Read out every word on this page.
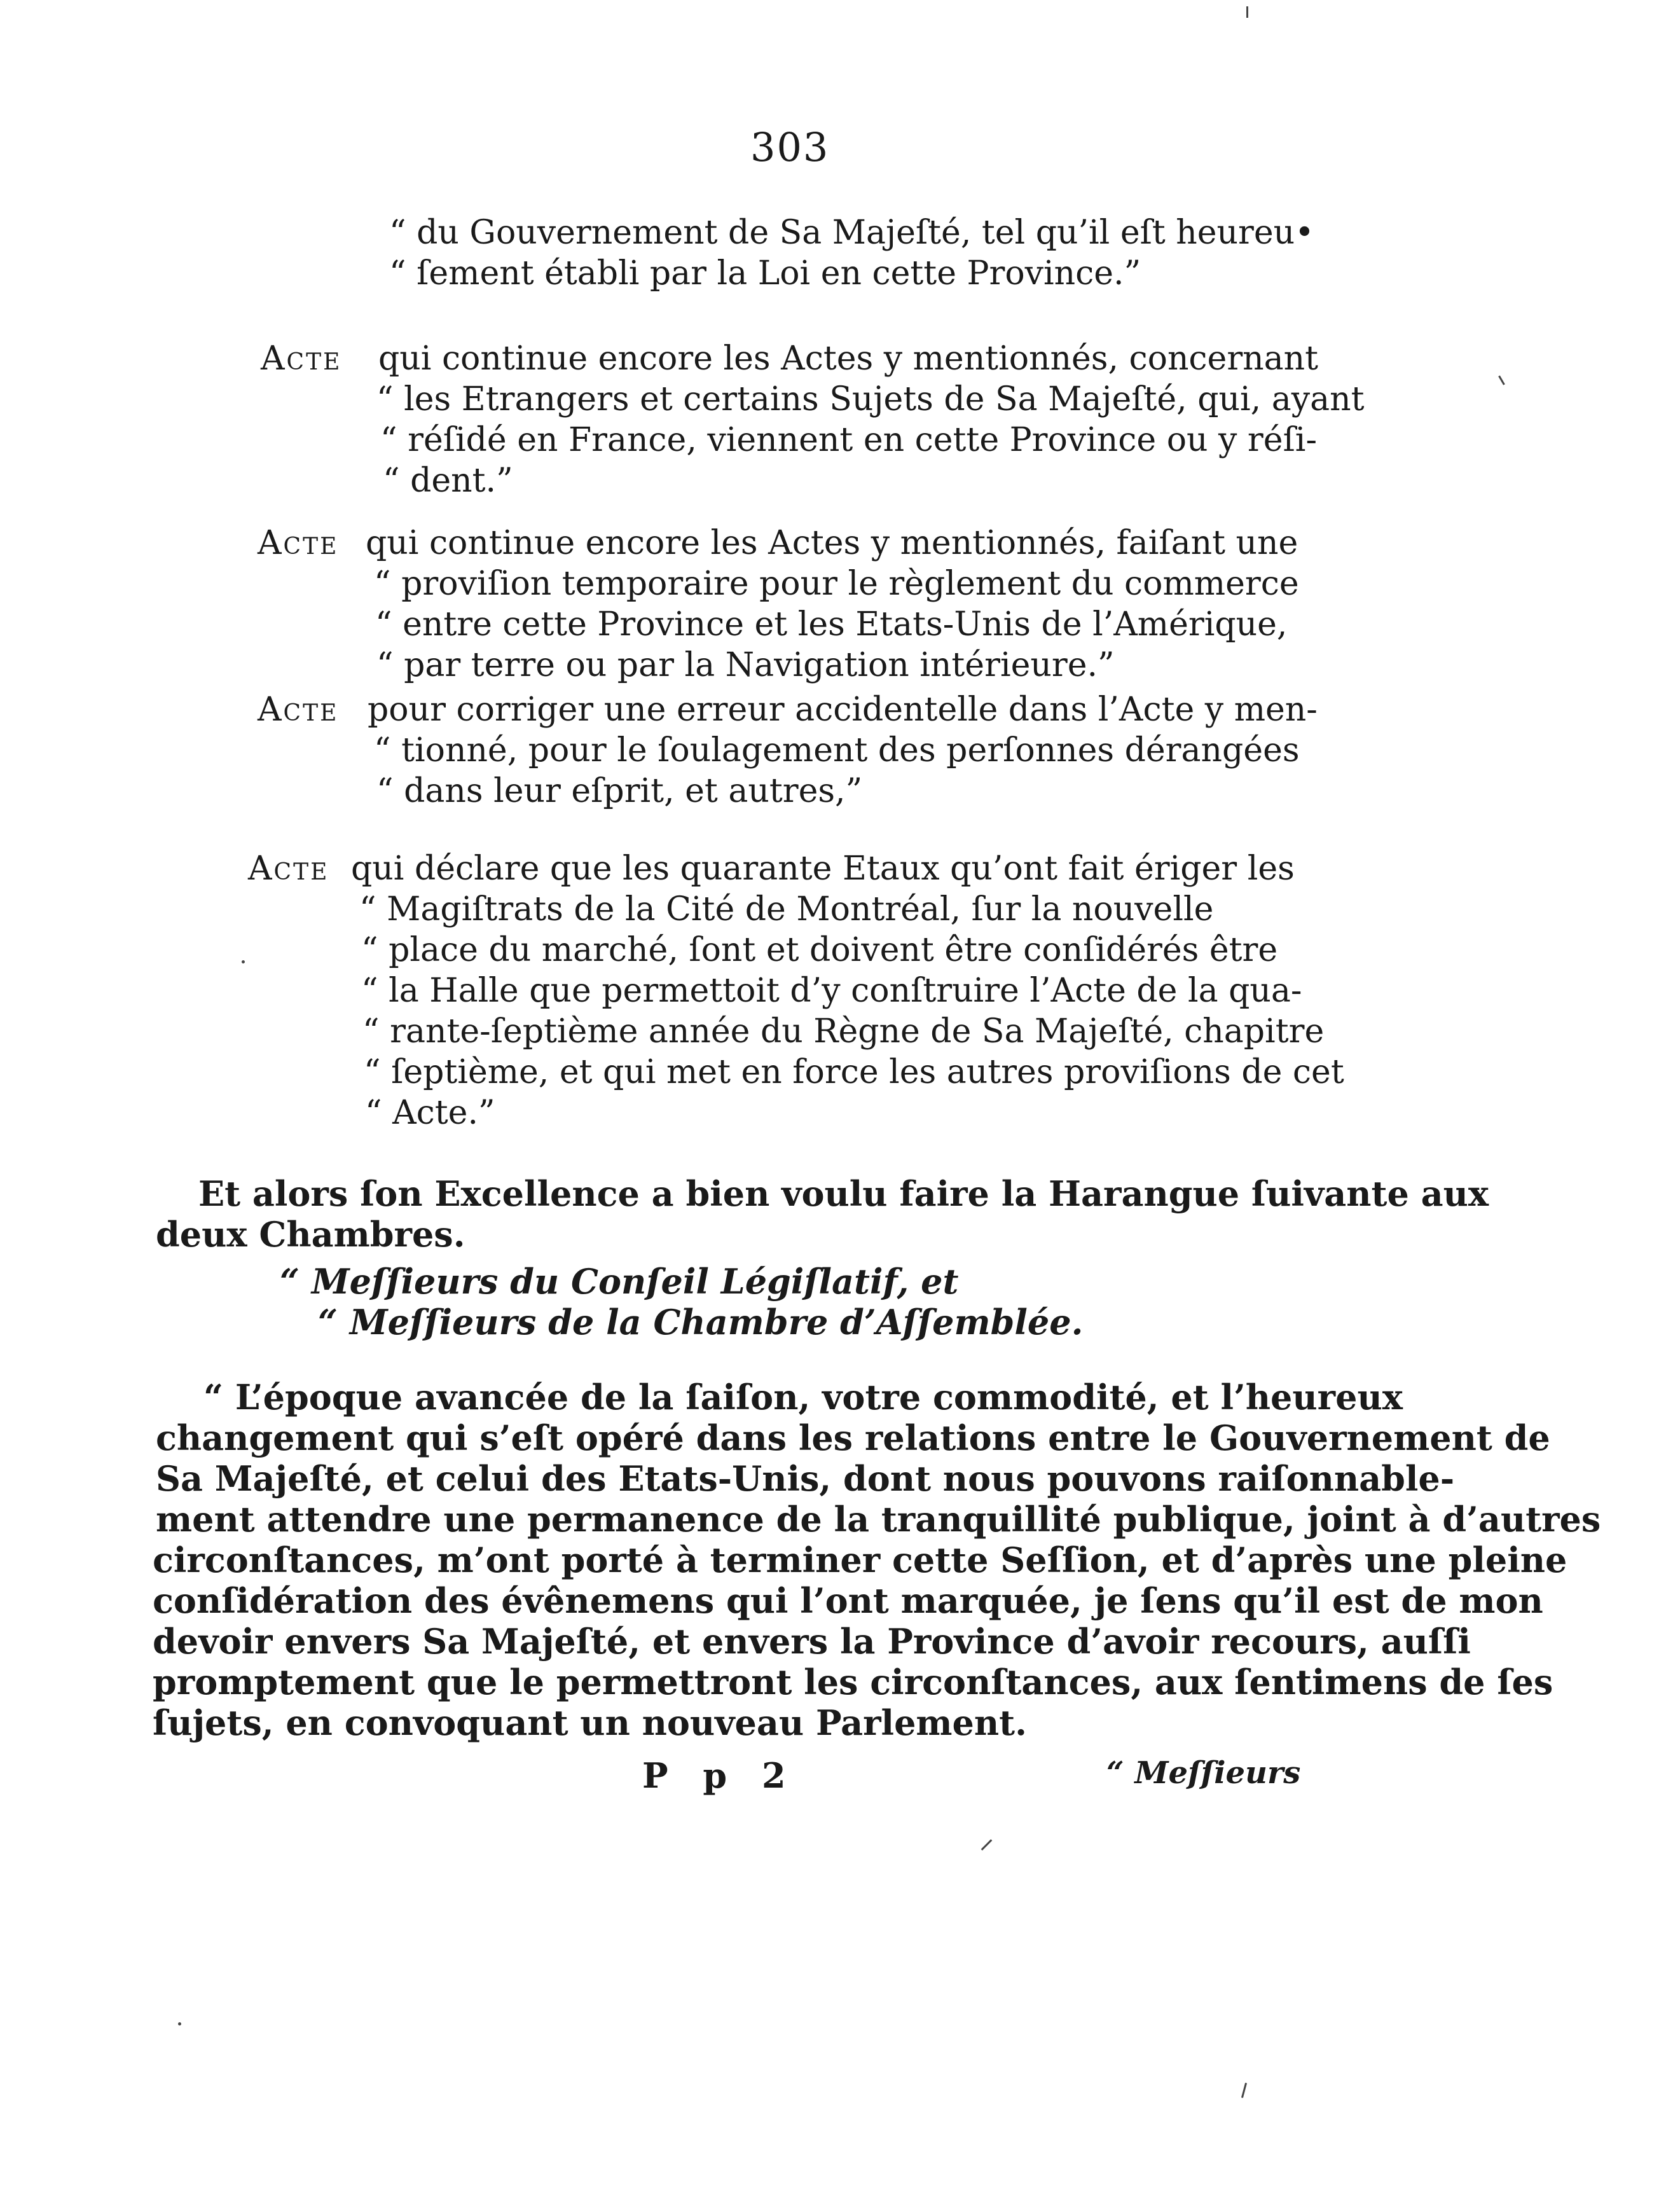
303
“ du Gouvernement de Sa Majeſté, tel qu’il eſt heureu•
“ ſement établi par la Loi en cette Province.”
Acte qui continue encore les Actes y mentionnés, concernant
“ les Etrangers et certains Sujets de Sa Majeſté, qui, ayant
“ réſidé en France, viennent en cette Province ou y réſi-
“ dent.”
Acte qui continue encore les Actes y mentionnés, faiſant une
“ proviſion temporaire pour le règlement du commerce
“ entre cette Province et les Etats-Unis de l’Amérique,
“ par terre ou par la Navigation intérieure.”
Acte pour corriger une erreur accidentelle dans l’Acte y men-
“ tionné, pour le ſoulagement des perſonnes dérangées
“ dans leur eſprit, et autres,”
Acte qui déclare que les quarante Etaux qu’ont fait ériger les
“ Magiſtrats de la Cité de Montréal, ſur la nouvelle
“ place du marché, ſont et doivent être conſidérés être
“ la Halle que permettoit d’y conſtruire l’Acte de la qua-
“ rante-ſeptième année du Règne de Sa Majeſté, chapitre
“ ſeptième, et qui met en force les autres proviſions de cet
“ Acte.”
Et alors ſon Excellence a bien voulu faire la Harangue ſuivante aux
deux Chambres.
“ Meſſieurs du Conſeil Légiſlatif, et
“ Meſſieurs de la Chambre d’Aſſemblée.
“ L’époque avancée de la ſaiſon, votre commodité, et l’heureux
changement qui s’eſt opéré dans les relations entre le Gouvernement de
Sa Majeſté, et celui des Etats-Unis, dont nous pouvons raiſonnable-
ment attendre une permanence de la tranquillité publique, joint à d’autres
circonſtances, m’ont porté à terminer cette Seſſion, et d’après une pleine
conſidération des évênemens qui l’ont marquée, je ſens qu’il est de mon
devoir envers Sa Majeſté, et envers la Province d’avoir recours, auſſi
promptement que le permettront les circonſtances, aux ſentimens de ſes
ſujets, en convoquant un nouveau Parlement.
P p 2	“ Meſſieurs
